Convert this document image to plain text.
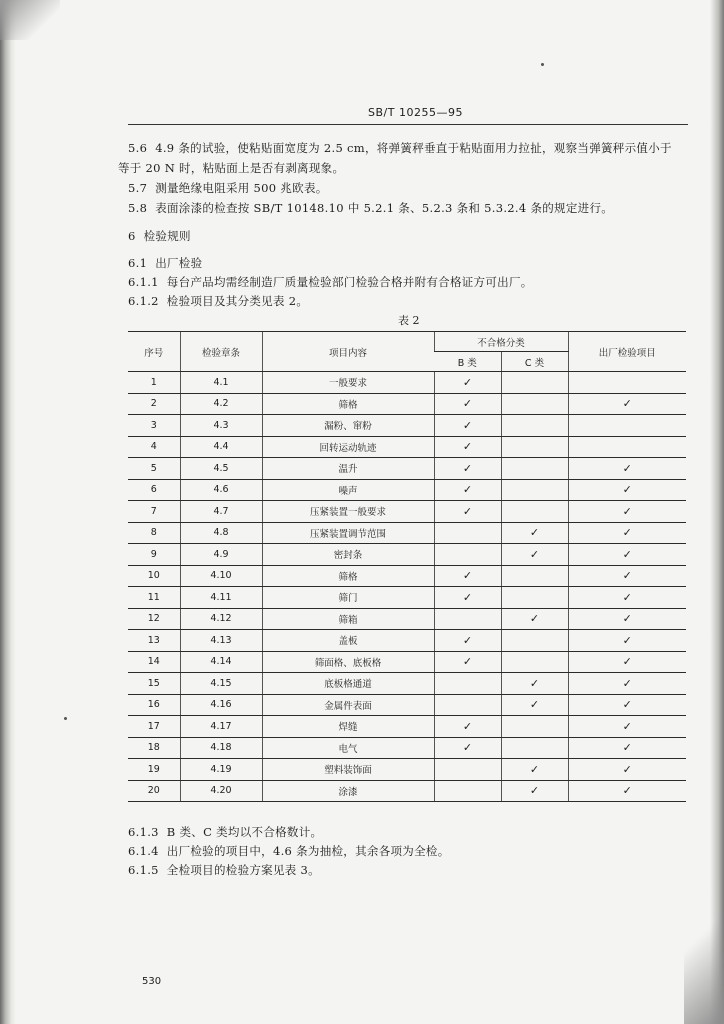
SB/T 10255—95
5.6 4.9 条的试验，使粘贴面宽度为 2.5 cm，将弹簧秤垂直于粘贴面用力拉扯，观察当弹簧秤示值小于
等于 20 N 时，粘贴面上是否有剥离现象。
5.7 测量绝缘电阻采用 500 兆欧表。
5.8 表面涂漆的检查按 SB/T 10148.10 中 5.2.1 条、5.2.3 条和 5.3.2.4 条的规定进行。
6 检验规则
6.1 出厂检验
6.1.1 每台产品均需经制造厂质量检验部门检验合格并附有合格证方可出厂。
6.1.2 检验项目及其分类见表 2。
表 2
序号	检验章条	项目内容	不合格分类		出厂检验项目
			B 类	C 类	
1	4.1	一般要求	✓		
2	4.2	筛格	✓		✓
3	4.3	漏粉、窜粉	✓		
4	4.4	回转运动轨迹	✓		
5	4.5	温升	✓		✓
6	4.6	噪声	✓		✓
7	4.7	压紧装置一般要求	✓		✓
8	4.8	压紧装置调节范围		✓	✓
9	4.9	密封条		✓	✓
10	4.10	筛格	✓		✓
11	4.11	筛门	✓		✓
12	4.12	筛箱		✓	✓
13	4.13	盖板	✓		✓
14	4.14	筛面格、底板格	✓		✓
15	4.15	底板格通道		✓	✓
16	4.16	金属件表面		✓	✓
17	4.17	焊缝	✓		✓
18	4.18	电气	✓		✓
19	4.19	塑料装饰面		✓	✓
20	4.20	涂漆		✓	✓
6.1.3 B 类、C 类均以不合格数计。
6.1.4 出厂检验的项目中，4.6 条为抽检，其余各项为全检。
6.1.5 全检项目的检验方案见表 3。
530
